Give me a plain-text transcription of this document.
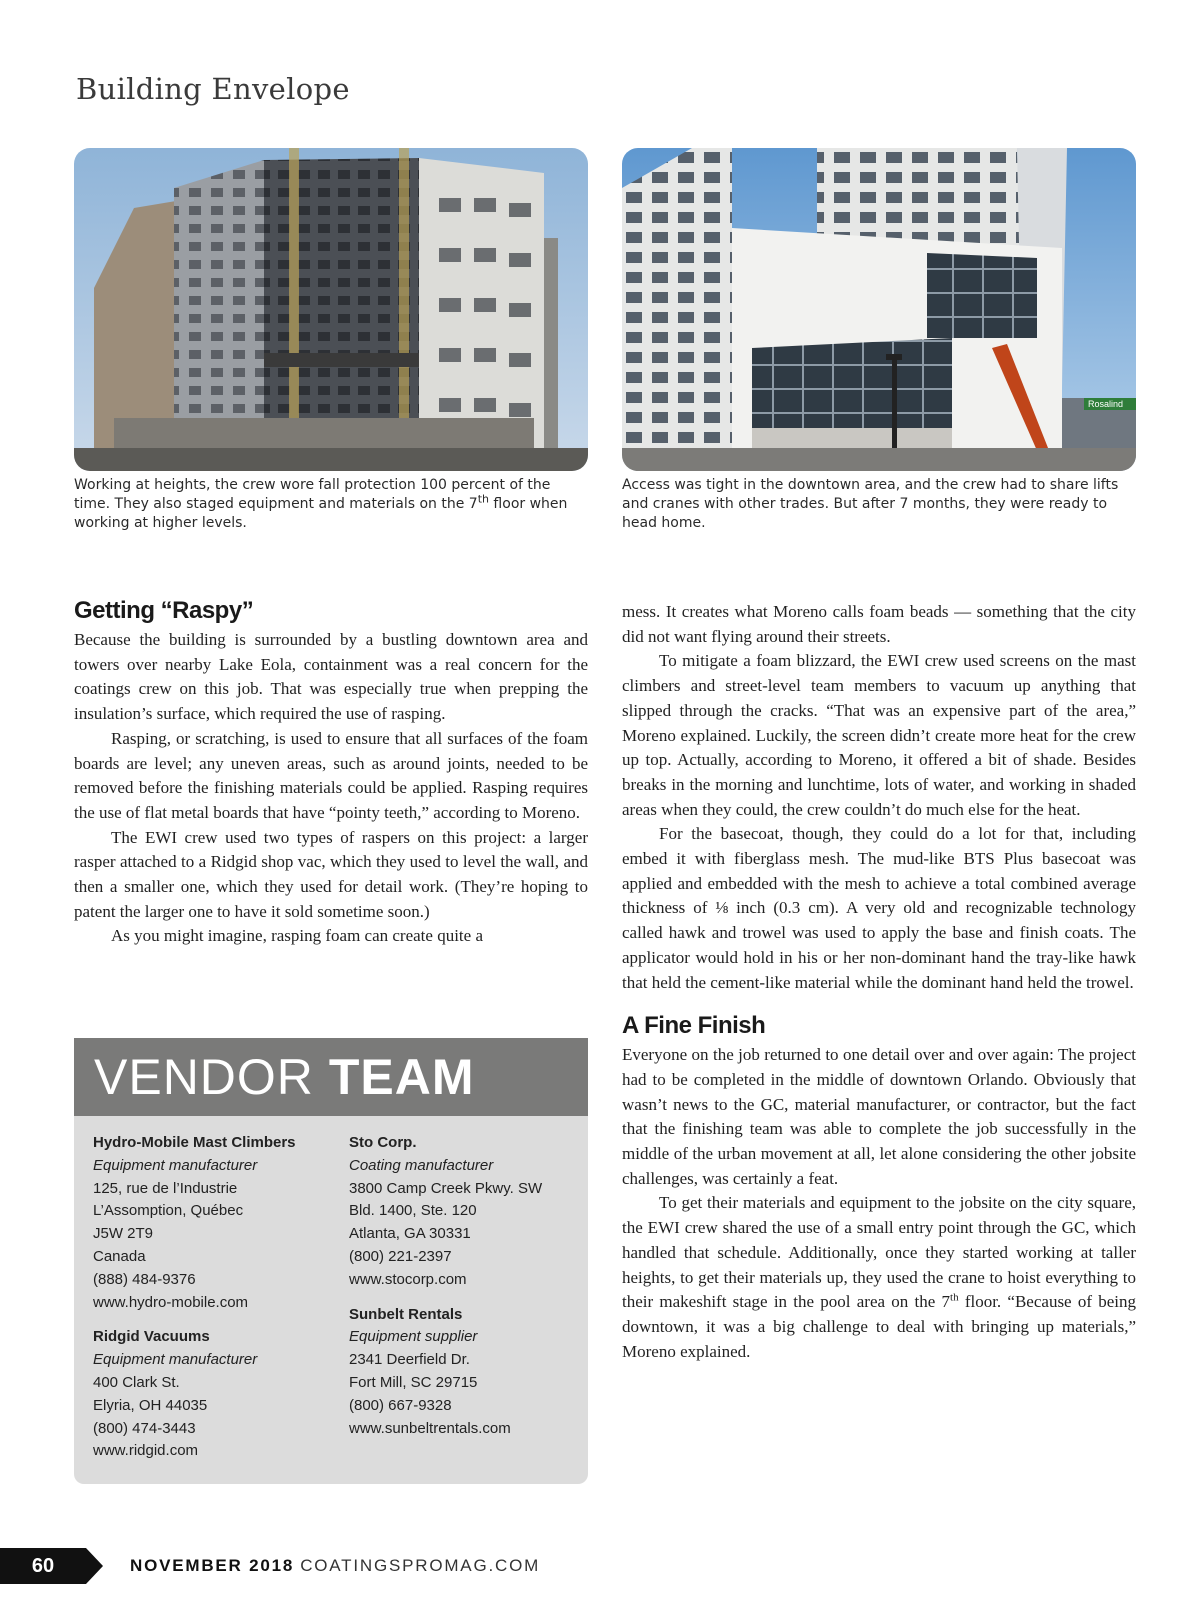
Building Envelope
Rosalind

Working at heights, the crew wore fall protection 100 percent of the time. They also staged equipment and materials on the 7th floor when working at higher levels.

Access was tight in the downtown area, and the crew had to share lifts and cranes with other trades. But after 7 months, they were ready to head home.

Getting “Raspy”

Because the building is surrounded by a bustling downtown area and towers over nearby Lake Eola, containment was a real concern for the coatings crew on this job. That was especially true when prepping the insulation’s surface, which required the use of rasping.

Rasping, or scratching, is used to ensure that all surfaces of the foam boards are level; any uneven areas, such as around joints, needed to be removed before the finishing materials could be applied. Rasping requires the use of flat metal boards that have “pointy teeth,” according to Moreno.

The EWI crew used two types of raspers on this project: a larger rasper attached to a Ridgid shop vac, which they used to level the wall, and then a smaller one, which they used for detail work. (They’re hoping to patent the larger one to have it sold sometime soon.)

As you might imagine, rasping foam can create quite a

mess. It creates what Moreno calls foam beads — something that the city did not want flying around their streets.

To mitigate a foam blizzard, the EWI crew used screens on the mast climbers and street-level team members to vacuum up anything that slipped through the cracks. “That was an expensive part of the area,” Moreno explained. Luckily, the screen didn’t create more heat for the crew up top. Actually, according to Moreno, it offered a bit of shade. Besides breaks in the morning and lunchtime, lots of water, and working in shaded areas when they could, the crew couldn’t do much else for the heat.

For the basecoat, though, they could do a lot for that, including embed it with fiberglass mesh. The mud-like BTS Plus basecoat was applied and embedded with the mesh to achieve a total combined average thickness of ⅛ inch (0.3 cm). A very old and recognizable technology called hawk and trowel was used to apply the base and finish coats. The applicator would hold in his or her non-dominant hand the tray-like hawk that held the cement-like material while the dominant hand held the trowel.

A Fine Finish

Everyone on the job returned to one detail over and over again: The project had to be completed in the middle of downtown Orlando. Obviously that wasn’t news to the GC, material manufacturer, or contractor, but the fact that the finishing team was able to complete the job successfully in the middle of the urban movement at all, let alone considering the other jobsite challenges, was certainly a feat.

To get their materials and equipment to the jobsite on the city square, the EWI crew shared the use of a small entry point through the GC, which handled that schedule. Additionally, once they started working at taller heights, to get their materials up, they used the crane to hoist everything to their makeshift stage in the pool area on the 7th floor. “Because of being downtown, it was a big challenge to deal with bringing up materials,” Moreno explained.

VENDOR TEAM
Hydro-Mobile Mast Climbers
Equipment manufacturer
125, rue de l’Industrie
L’Assomption, Québec
J5W 2T9
Canada
(888) 484-9376
www.hydro-mobile.com
Ridgid Vacuums
Equipment manufacturer
400 Clark St.
Elyria, OH 44035
(800) 474-3443
www.ridgid.com
Sto Corp.
Coating manufacturer
3800 Camp Creek Pkwy. SW
Bld. 1400, Ste. 120
Atlanta, GA 30331
(800) 221-2397
www.stocorp.com
Sunbelt Rentals
Equipment supplier
2341 Deerfield Dr.
Fort Mill, SC 29715
(800) 667-9328
www.sunbeltrentals.com
60	NOVEMBER 2018 COATINGSPROMAG.COM
